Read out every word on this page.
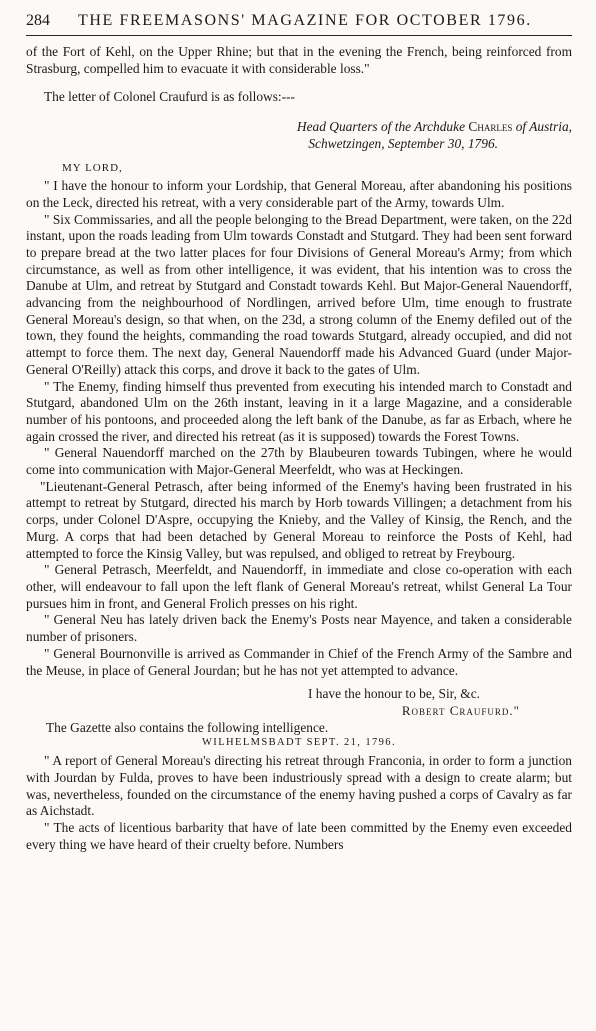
284	THE FREEMASONS' MAGAZINE FOR OCTOBER 1796.

of the Fort of Kehl, on the Upper Rhine; but that in the evening the French, being reinforced from Strasburg, compelled him to evacuate it with considerable loss."

The letter of Colonel Craufurd is as follows:---

Head Quarters of the Archduke Charles of Austria,
Schwetzingen, September 30, 1796.
MY LORD,

" I have the honour to inform your Lordship, that General Moreau, after abandoning his positions on the Leck, directed his retreat, with a very considerable part of the Army, towards Ulm.

" Six Commissaries, and all the people belonging to the Bread Department, were taken, on the 22d instant, upon the roads leading from Ulm towards Constadt and Stutgard. They had been sent forward to prepare bread at the two latter places for four Divisions of General Moreau's Army; from which circumstance, as well as from other intelligence, it was evident, that his intention was to cross the Danube at Ulm, and retreat by Stutgard and Constadt towards Kehl. But Major-General Nauendorff, advancing from the neighbourhood of Nordlingen, arrived before Ulm, time enough to frustrate General Moreau's design, so that when, on the 23d, a strong column of the Enemy defiled out of the town, they found the heights, commanding the road towards Stutgard, already occupied, and did not attempt to force them. The next day, General Nauendorff made his Advanced Guard (under Major-General O'Reilly) attack this corps, and drove it back to the gates of Ulm.

" The Enemy, finding himself thus prevented from executing his intended march to Constadt and Stutgard, abandoned Ulm on the 26th instant, leaving in it a large Magazine, and a considerable number of his pontoons, and proceeded along the left bank of the Danube, as far as Erbach, where he again crossed the river, and directed his retreat (as it is supposed) towards the Forest Towns.

" General Nauendorff marched on the 27th by Blaubeuren towards Tubingen, where he would come into communication with Major-General Meerfeldt, who was at Heckingen.

"Lieutenant-General Petrasch, after being informed of the Enemy's having been frustrated in his attempt to retreat by Stutgard, directed his march by Horb towards Villingen; a detachment from his corps, under Colonel D'Aspre, occupying the Knieby, and the Valley of Kinsig, the Rench, and the Murg. A corps that had been detached by General Moreau to reinforce the Posts of Kehl, had attempted to force the Kinsig Valley, but was repulsed, and obliged to retreat by Freybourg.

" General Petrasch, Meerfeldt, and Nauendorff, in immediate and close co-operation with each other, will endeavour to fall upon the left flank of General Moreau's retreat, whilst General La Tour pursues him in front, and General Frolich presses on his right.

" General Neu has lately driven back the Enemy's Posts near Mayence, and taken a considerable number of prisoners.

" General Bournonville is arrived as Commander in Chief of the French Army of the Sambre and the Meuse, in place of General Jourdan; but he has not yet attempted to advance.

I have the honour to be, Sir, &c.
Robert Craufurd."
The Gazette also contains the following intelligence.
WILHELMSBADT SEPT. 21, 1796.

" A report of General Moreau's directing his retreat through Franconia, in order to form a junction with Jourdan by Fulda, proves to have been industriously spread with a design to create alarm; but was, nevertheless, founded on the circumstance of the enemy having pushed a corps of Cavalry as far as Aichstadt.

" The acts of licentious barbarity that have of late been committed by the Enemy even exceeded every thing we have heard of their cruelty before. Numbers
